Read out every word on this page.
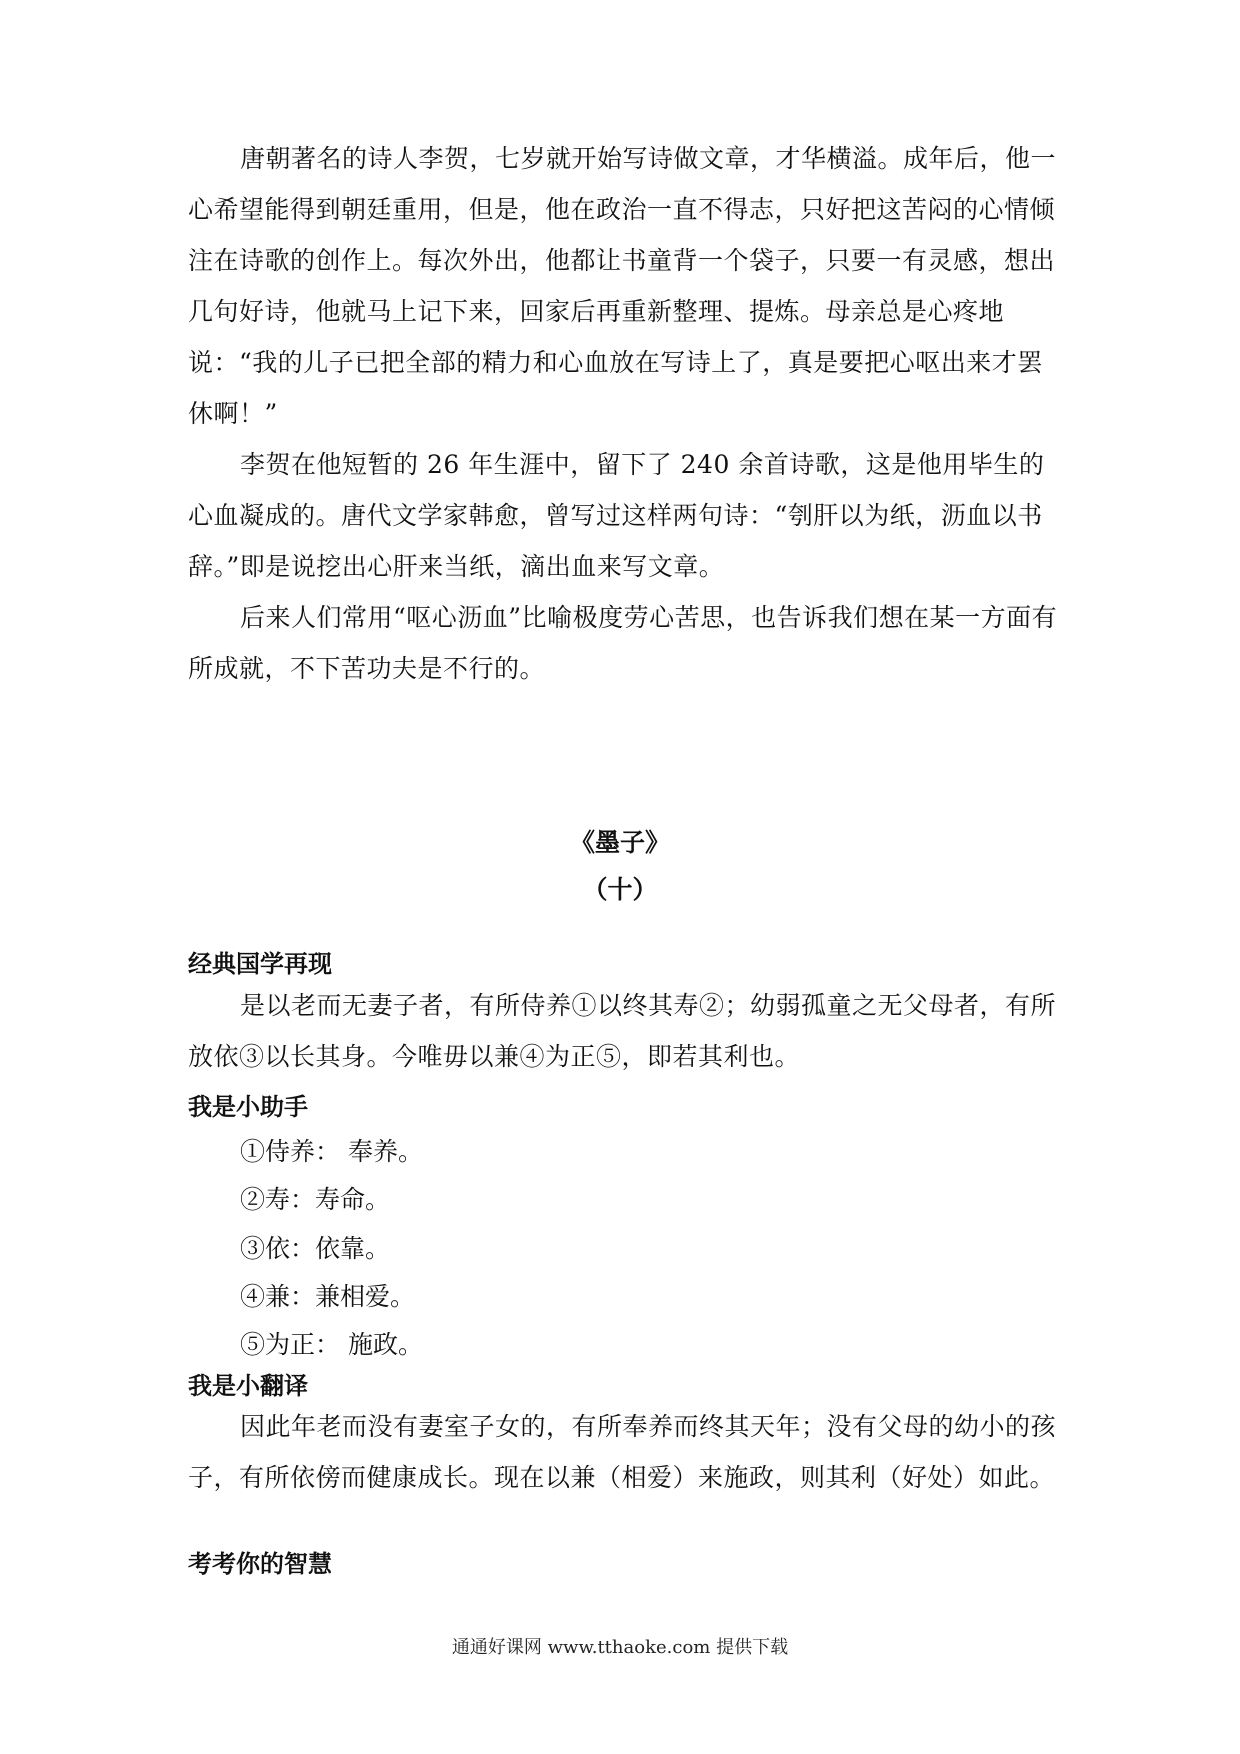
唐朝著名的诗人李贺，七岁就开始写诗做文章，才华横溢。成年后，他一心希望能得到朝廷重用，但是，他在政治一直不得志，只好把这苦闷的心情倾注在诗歌的创作上。每次外出，他都让书童背一个袋子，只要一有灵感，想出几句好诗，他就马上记下来，回家后再重新整理、提炼。母亲总是心疼地说：“我的儿子已把全部的精力和心血放在写诗上了，真是要把心呕出来才罢休啊！”

李贺在他短暂的 26 年生涯中，留下了 240 余首诗歌，这是他用毕生的心血凝成的。唐代文学家韩愈，曾写过这样两句诗：“刳肝以为纸，沥血以书辞。”即是说挖出心肝来当纸，滴出血来写文章。

后来人们常用“呕心沥血”比喻极度劳心苦思，也告诉我们想在某一方面有所成就，不下苦功夫是不行的。

《墨子》
（十）
经典国学再现

是以老而无妻子者，有所侍养①以终其寿②；幼弱孤童之无父母者，有所放依③以长其身。今唯毋以兼④为正⑤，即若其利也。

我是小助手
①侍养： 奉养。
②寿：寿命。
③依：依靠。
④兼：兼相爱。
⑤为正： 施政。
我是小翻译

因此年老而没有妻室子女的，有所奉养而终其天年；没有父母的幼小的孩子，有所依傍而健康成长。现在以兼（相爱）来施政，则其利（好处）如此。

考考你的智慧
通通好课网 www.tthaoke.com 提供下载
